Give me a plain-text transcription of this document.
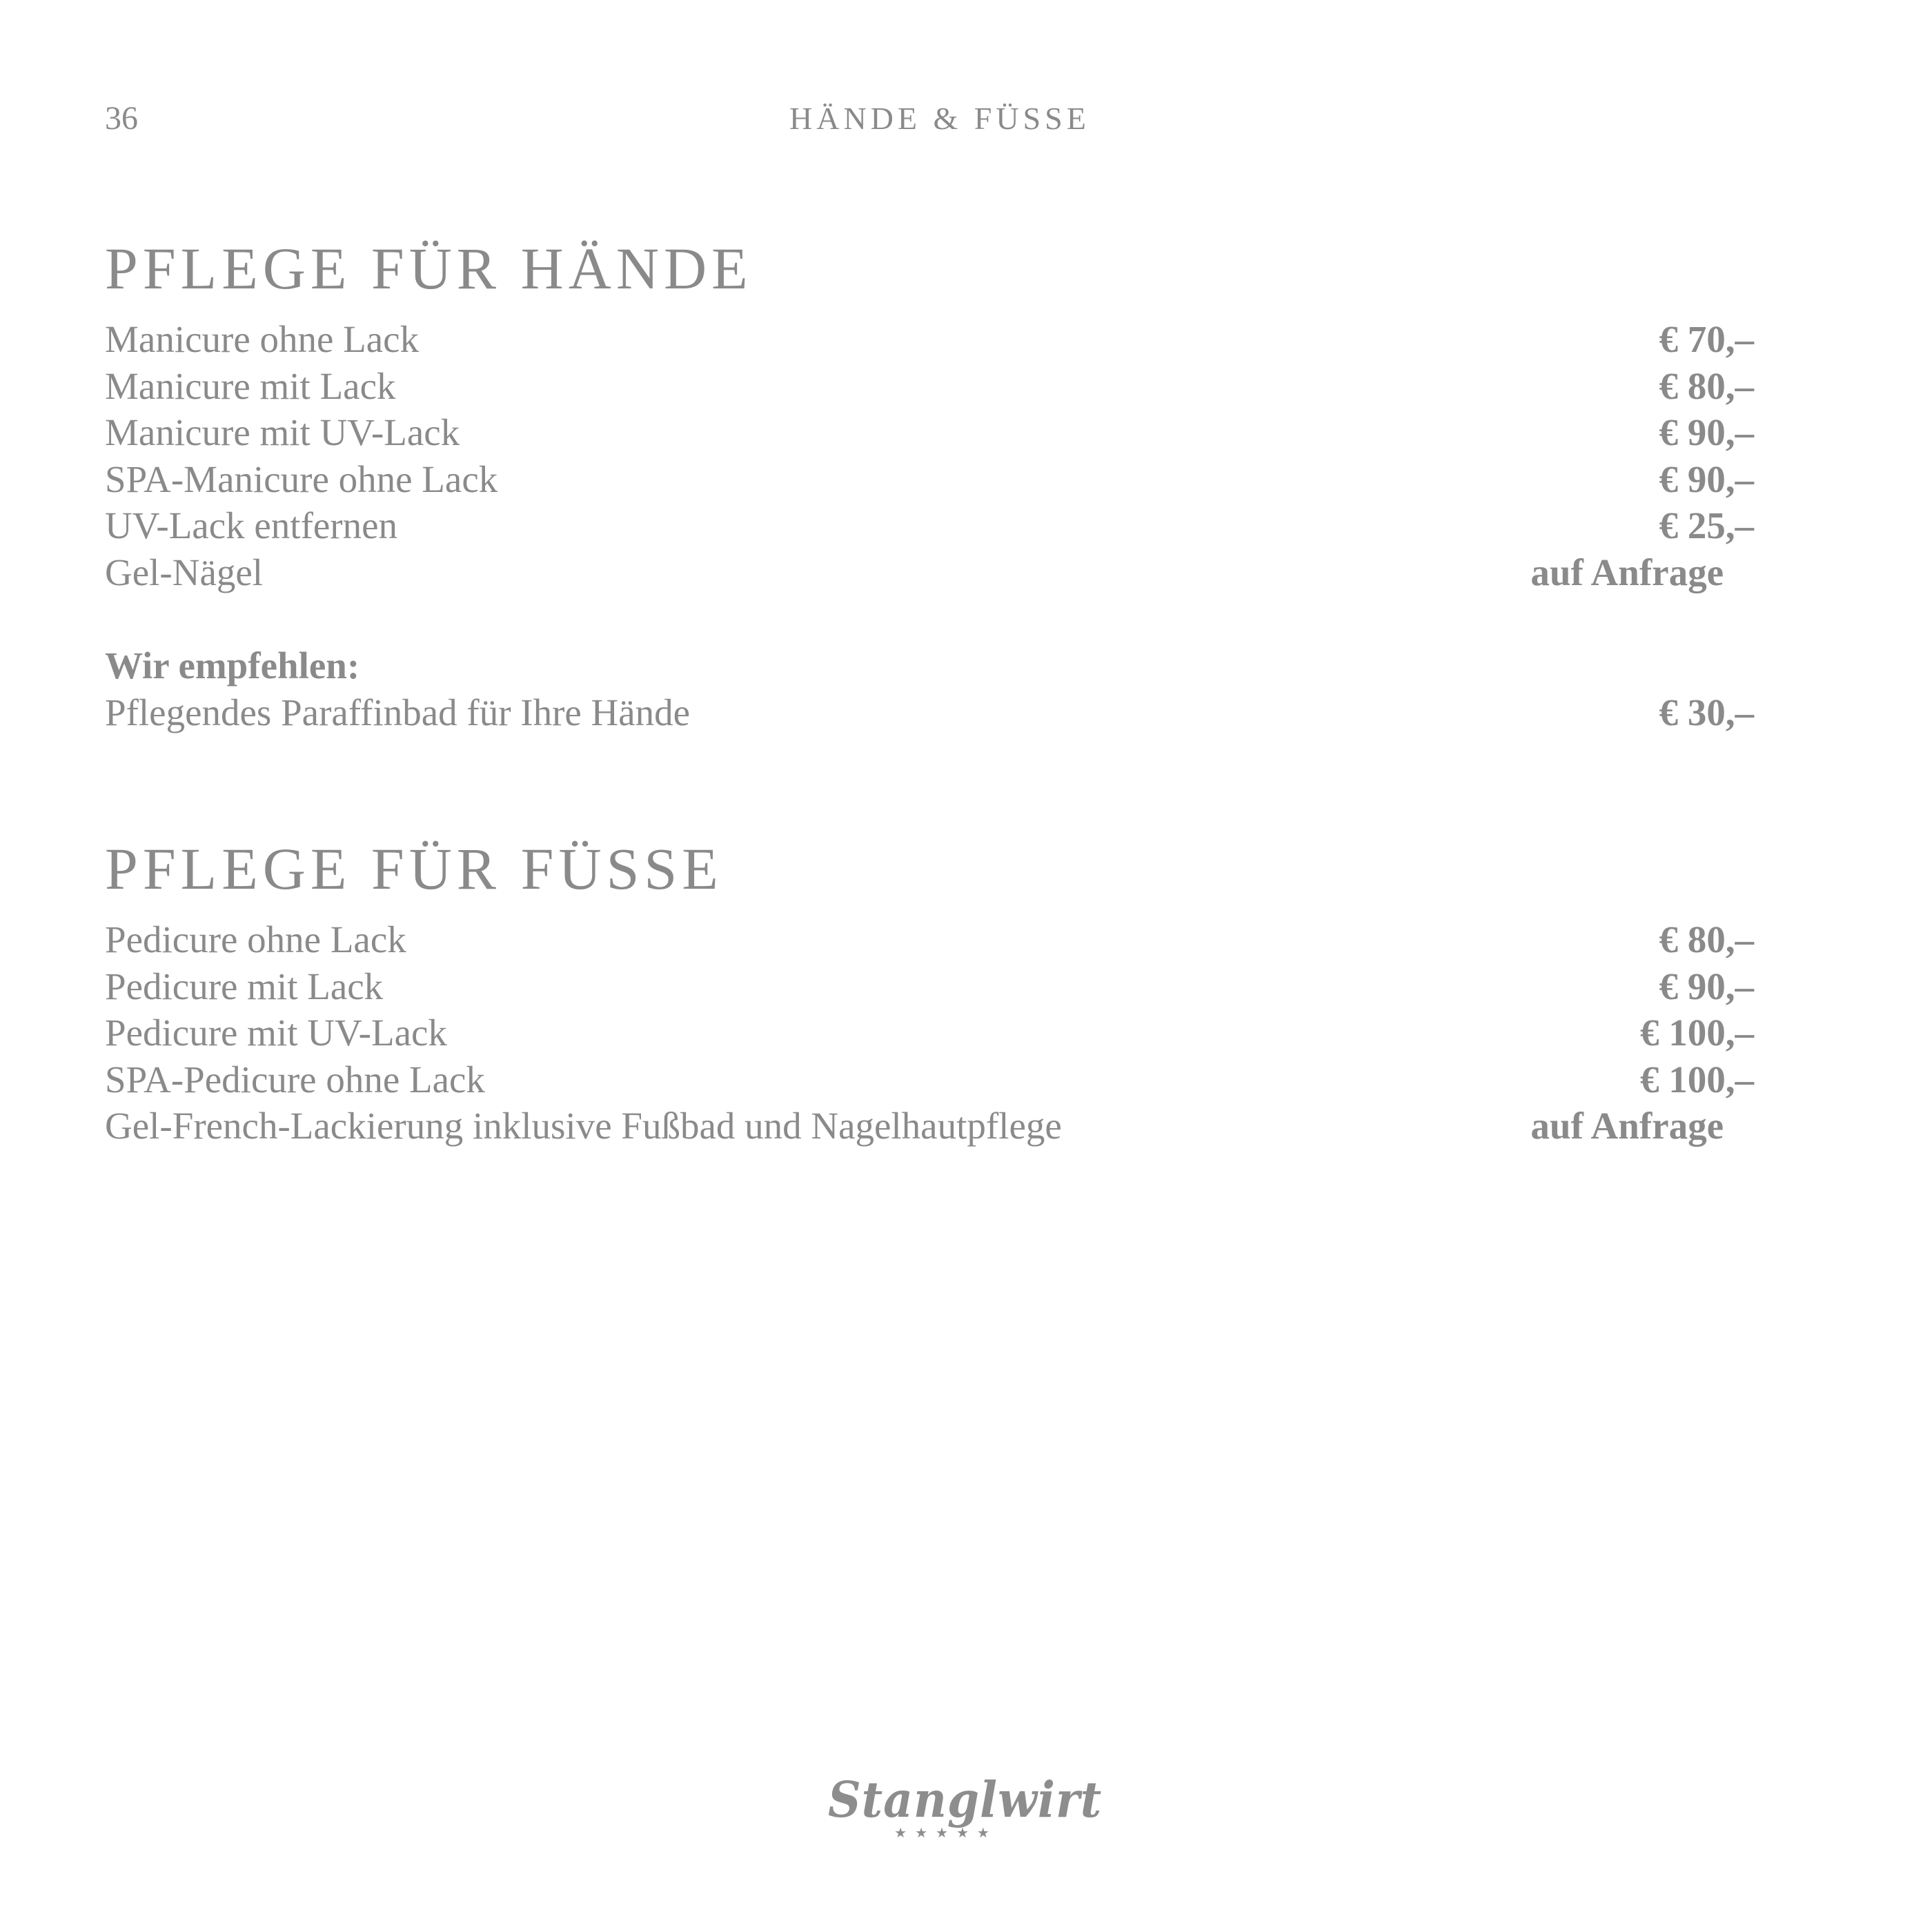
36	HÄNDE & FÜSSE
PFLEGE FÜR HÄNDE
Manicure ohne Lack	€ 70,–
Manicure mit Lack	€ 80,–
Manicure mit UV-Lack	€ 90,–
SPA-Manicure ohne Lack	€ 90,–
UV-Lack entfernen	€ 25,–
Gel-Nägel	auf Anfrage
Wir empfehlen:
Pflegendes Paraffinbad für Ihre Hände	€ 30,–
PFLEGE FÜR FÜSSE
Pedicure ohne Lack	€ 80,–
Pedicure mit Lack	€ 90,–
Pedicure mit UV-Lack	€ 100,–
SPA-Pedicure ohne Lack	€ 100,–
Gel-French-Lackierung inklusive Fußbad und Nagelhautpflege	auf Anfrage
Stanglwirt
★★★★★
